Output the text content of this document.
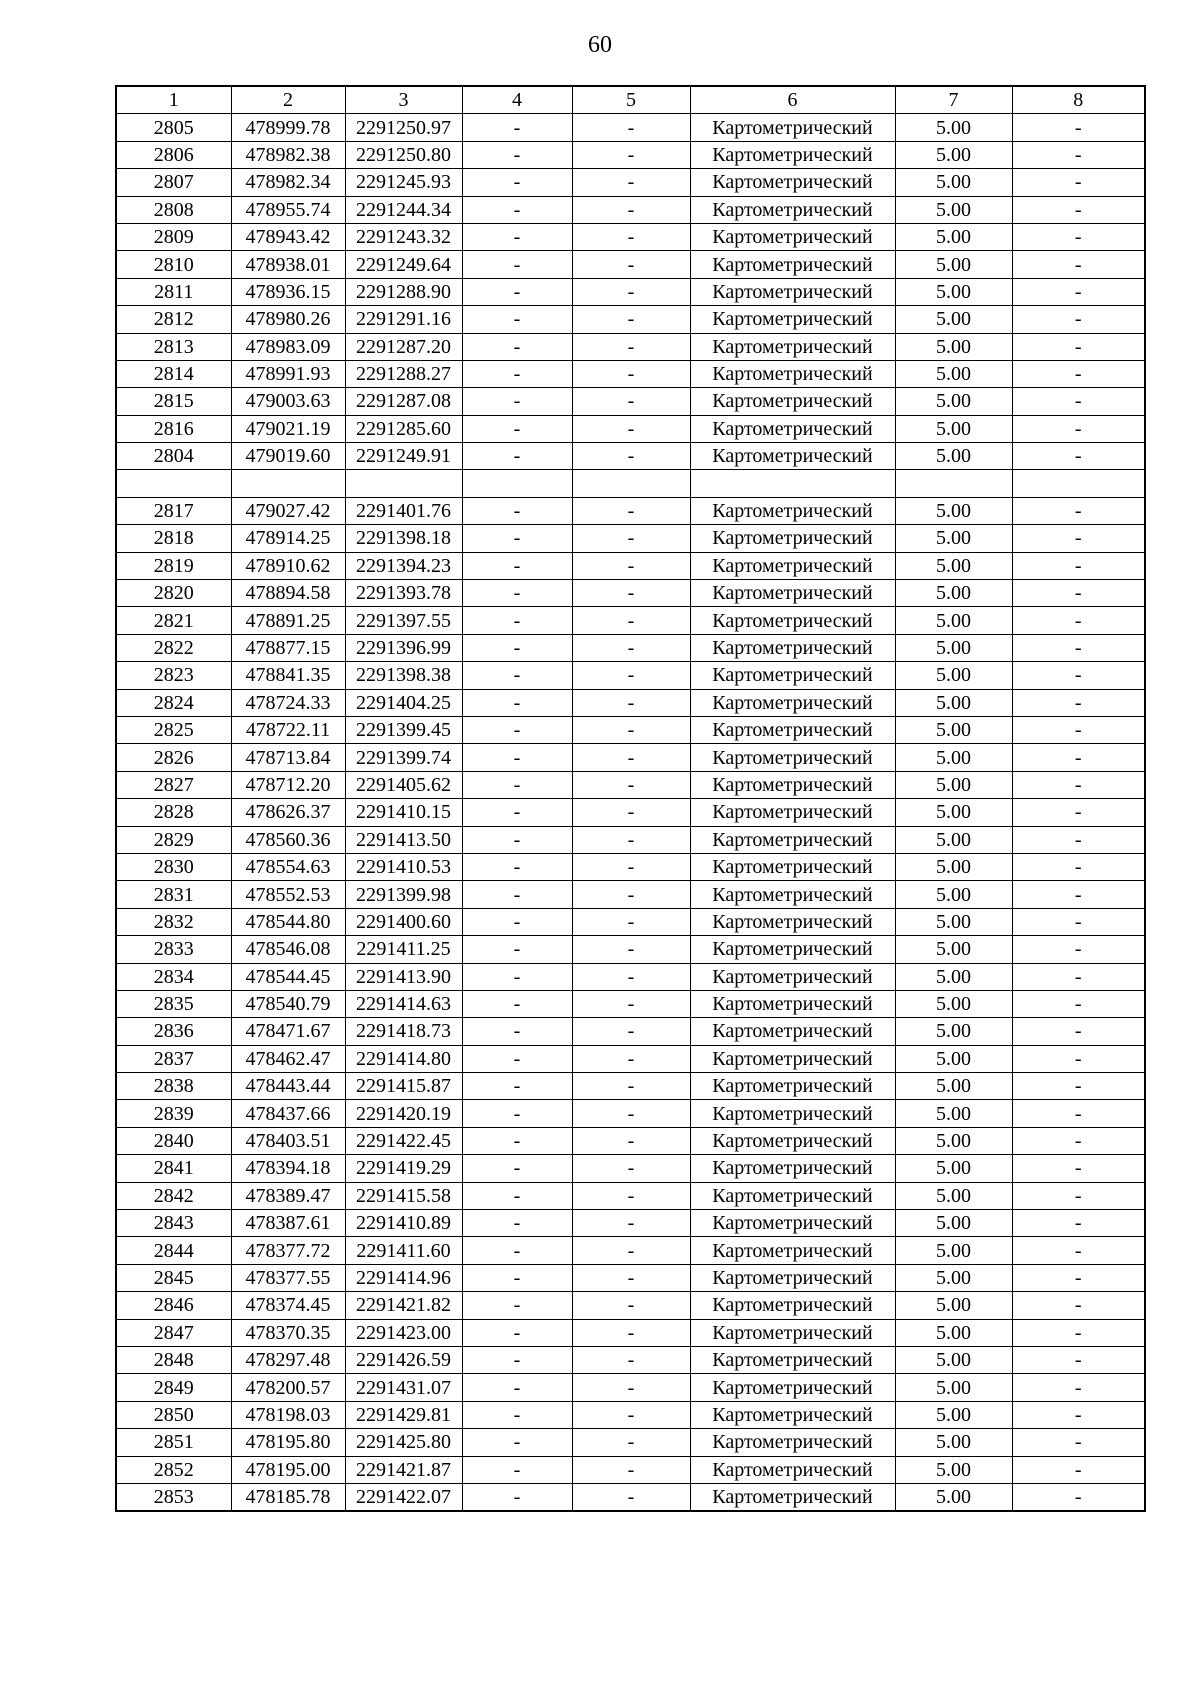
60
1	2	3	4	5	6	7	8
2805	478999.78	2291250.97	-	-	Картометрический	5.00	-
2806	478982.38	2291250.80	-	-	Картометрический	5.00	-
2807	478982.34	2291245.93	-	-	Картометрический	5.00	-
2808	478955.74	2291244.34	-	-	Картометрический	5.00	-
2809	478943.42	2291243.32	-	-	Картометрический	5.00	-
2810	478938.01	2291249.64	-	-	Картометрический	5.00	-
2811	478936.15	2291288.90	-	-	Картометрический	5.00	-
2812	478980.26	2291291.16	-	-	Картометрический	5.00	-
2813	478983.09	2291287.20	-	-	Картометрический	5.00	-
2814	478991.93	2291288.27	-	-	Картометрический	5.00	-
2815	479003.63	2291287.08	-	-	Картометрический	5.00	-
2816	479021.19	2291285.60	-	-	Картометрический	5.00	-
2804	479019.60	2291249.91	-	-	Картометрический	5.00	-

2817	479027.42	2291401.76	-	-	Картометрический	5.00	-
2818	478914.25	2291398.18	-	-	Картометрический	5.00	-
2819	478910.62	2291394.23	-	-	Картометрический	5.00	-
2820	478894.58	2291393.78	-	-	Картометрический	5.00	-
2821	478891.25	2291397.55	-	-	Картометрический	5.00	-
2822	478877.15	2291396.99	-	-	Картометрический	5.00	-
2823	478841.35	2291398.38	-	-	Картометрический	5.00	-
2824	478724.33	2291404.25	-	-	Картометрический	5.00	-
2825	478722.11	2291399.45	-	-	Картометрический	5.00	-
2826	478713.84	2291399.74	-	-	Картометрический	5.00	-
2827	478712.20	2291405.62	-	-	Картометрический	5.00	-
2828	478626.37	2291410.15	-	-	Картометрический	5.00	-
2829	478560.36	2291413.50	-	-	Картометрический	5.00	-
2830	478554.63	2291410.53	-	-	Картометрический	5.00	-
2831	478552.53	2291399.98	-	-	Картометрический	5.00	-
2832	478544.80	2291400.60	-	-	Картометрический	5.00	-
2833	478546.08	2291411.25	-	-	Картометрический	5.00	-
2834	478544.45	2291413.90	-	-	Картометрический	5.00	-
2835	478540.79	2291414.63	-	-	Картометрический	5.00	-
2836	478471.67	2291418.73	-	-	Картометрический	5.00	-
2837	478462.47	2291414.80	-	-	Картометрический	5.00	-
2838	478443.44	2291415.87	-	-	Картометрический	5.00	-
2839	478437.66	2291420.19	-	-	Картометрический	5.00	-
2840	478403.51	2291422.45	-	-	Картометрический	5.00	-
2841	478394.18	2291419.29	-	-	Картометрический	5.00	-
2842	478389.47	2291415.58	-	-	Картометрический	5.00	-
2843	478387.61	2291410.89	-	-	Картометрический	5.00	-
2844	478377.72	2291411.60	-	-	Картометрический	5.00	-
2845	478377.55	2291414.96	-	-	Картометрический	5.00	-
2846	478374.45	2291421.82	-	-	Картометрический	5.00	-
2847	478370.35	2291423.00	-	-	Картометрический	5.00	-
2848	478297.48	2291426.59	-	-	Картометрический	5.00	-
2849	478200.57	2291431.07	-	-	Картометрический	5.00	-
2850	478198.03	2291429.81	-	-	Картометрический	5.00	-
2851	478195.80	2291425.80	-	-	Картометрический	5.00	-
2852	478195.00	2291421.87	-	-	Картометрический	5.00	-
2853	478185.78	2291422.07	-	-	Картометрический	5.00	-
